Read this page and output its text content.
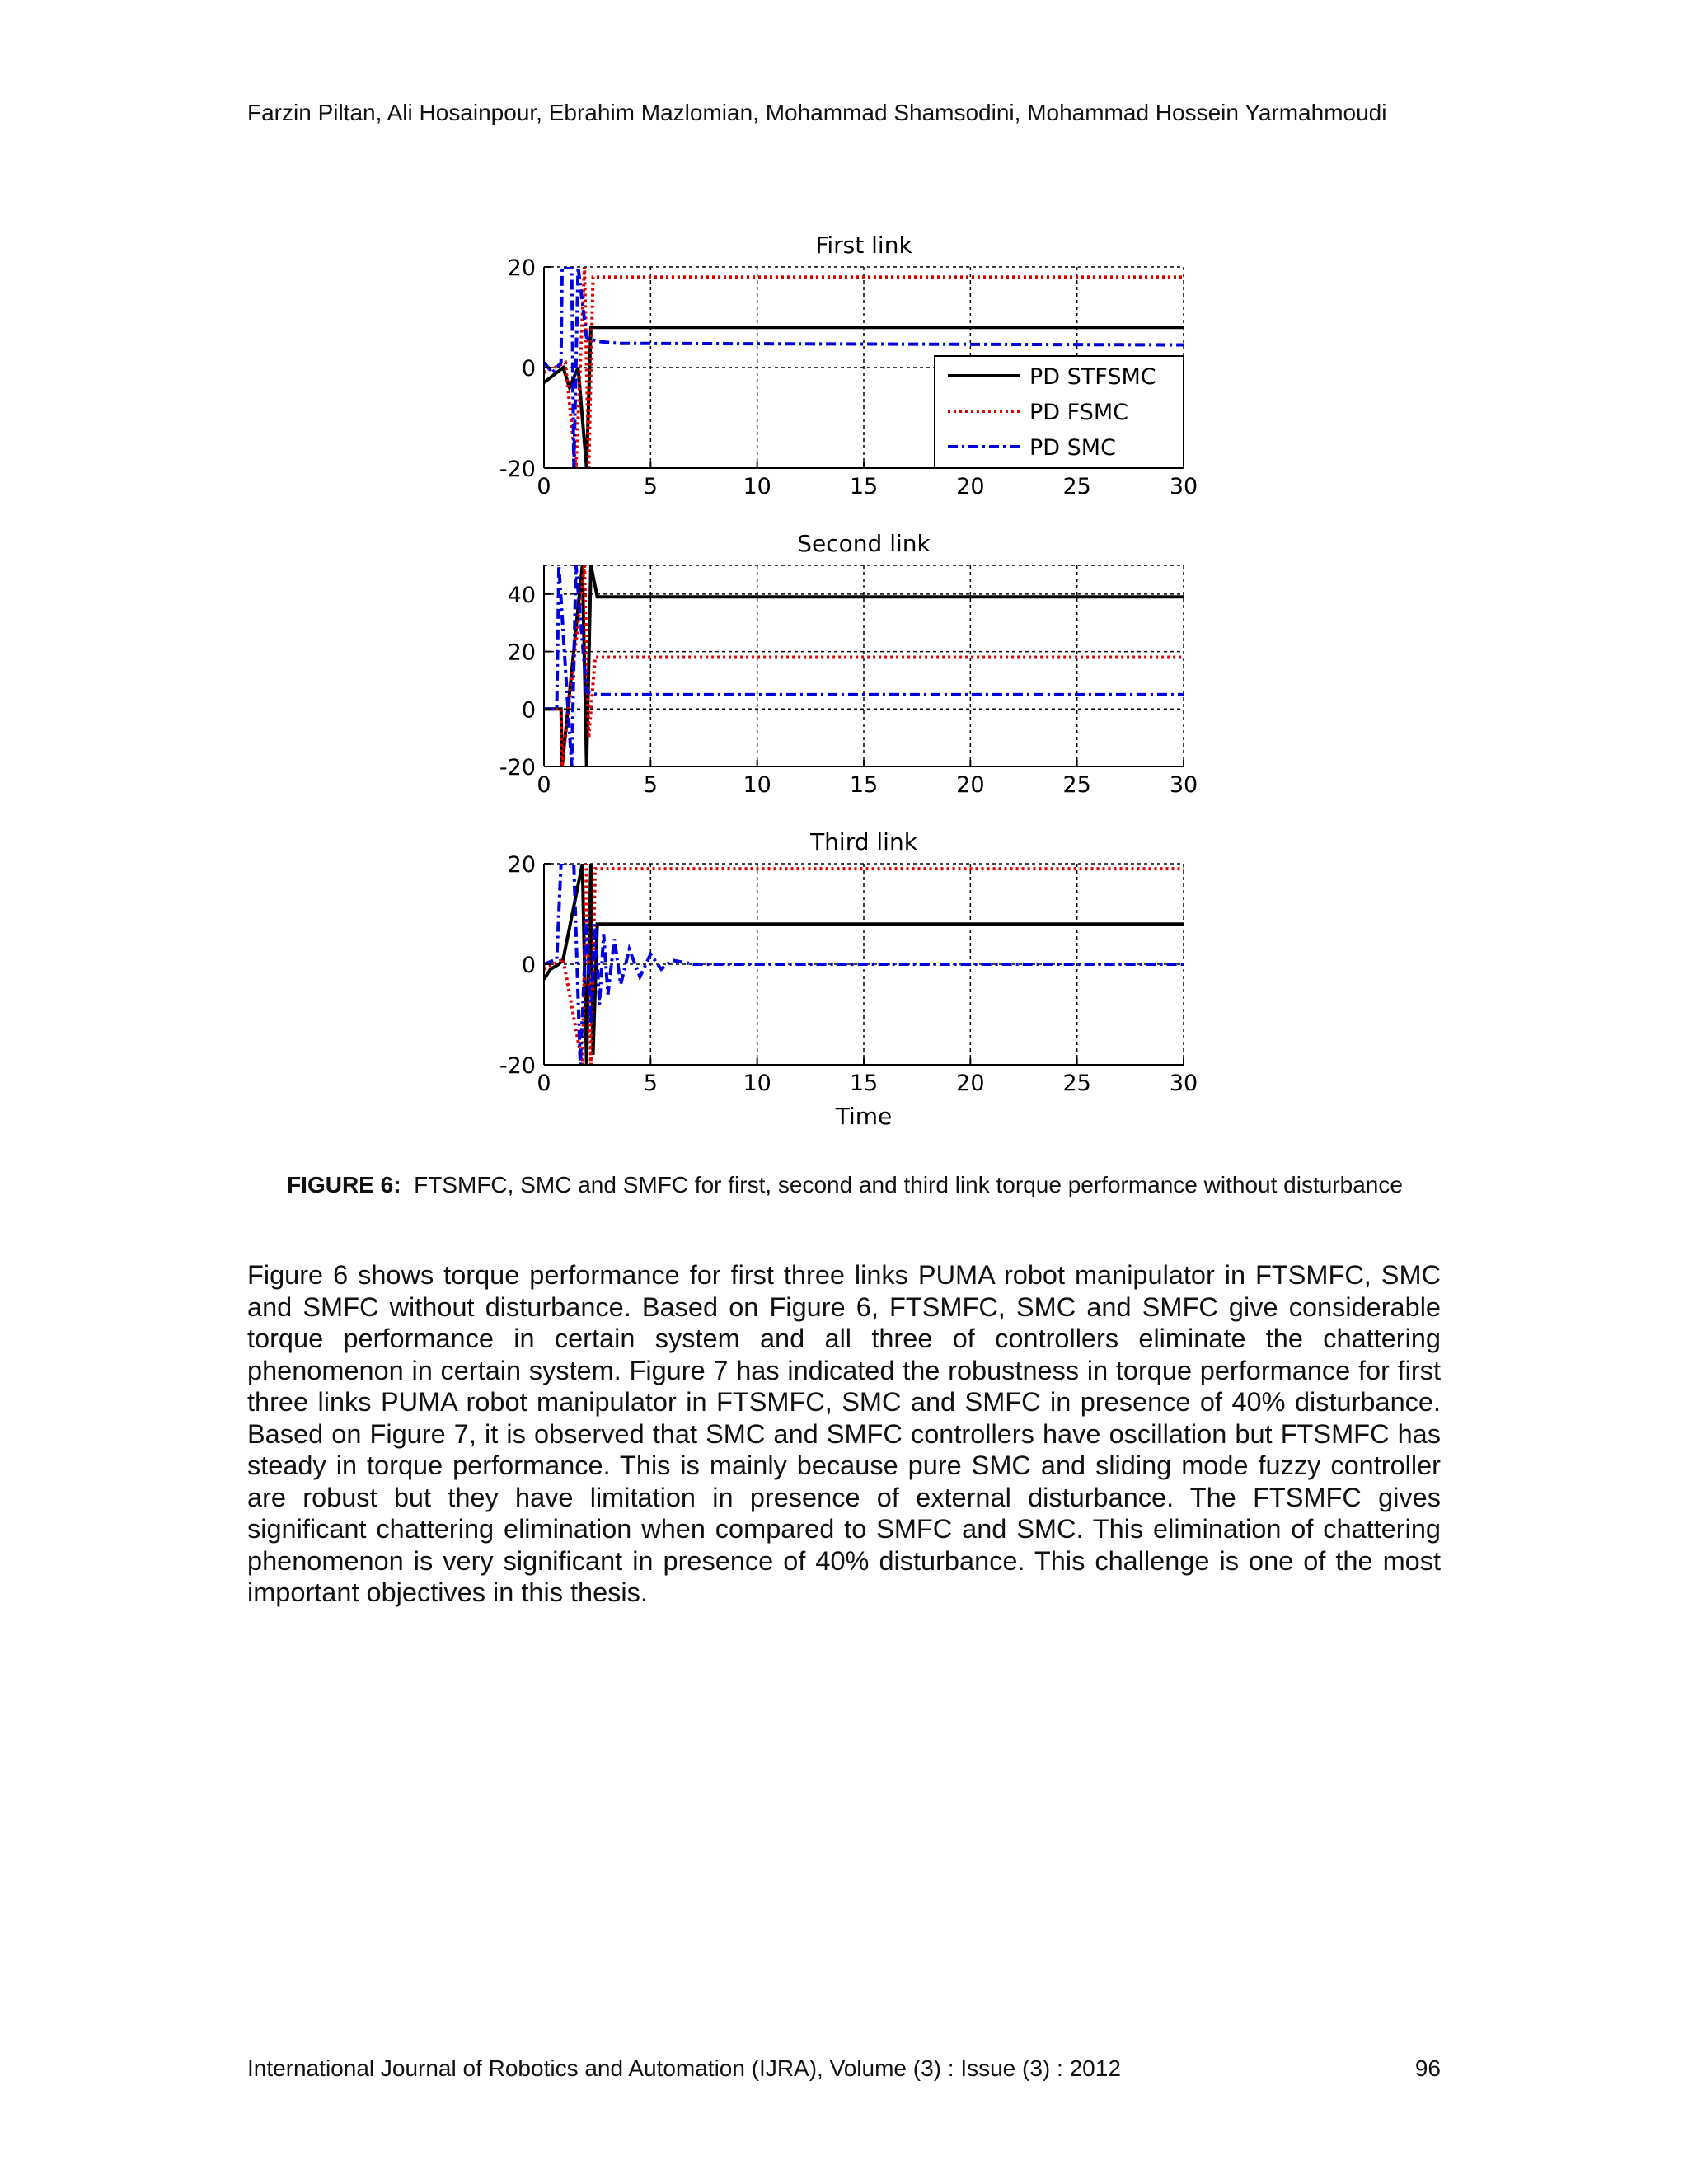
Farzin Piltan, Ali Hosainpour, Ebrahim Mazlomian, Mohammad Shamsodini, Mohammad Hossein Yarmahmoudi
0	5	10	15	20	25	30
-20
0
20
First link
PD STFSMC
PD FSMC
PD SMC
0	5	10	15	20	25	30
-20
0
20
40
Second link
0	5	10	15	20	25	30
-20
0
20
Third link
Time
FIGURE 6: FTSMFC, SMC and SMFC for first, second and third link torque performance without disturbance
Figure 6 shows torque performance for first three links PUMA robot manipulator in FTSMFC, SMC and SMFC without disturbance. Based on Figure 6, FTSMFC, SMC and SMFC give considerable torque performance in certain system and all three of controllers eliminate the chattering phenomenon in certain system. Figure 7 has indicated the robustness in torque performance for first three links PUMA robot manipulator in FTSMFC, SMC and SMFC in presence of 40% disturbance. Based on Figure 7, it is observed that SMC and SMFC controllers have oscillation but FTSMFC has steady in torque performance. This is mainly because pure SMC and sliding mode fuzzy controller are robust but they have limitation in presence of external disturbance. The FTSMFC gives significant chattering elimination when compared to SMFC and SMC. This elimination of chattering phenomenon is very significant in presence of 40% disturbance. This challenge is one of the most important objectives in this thesis.
International Journal of Robotics and Automation (IJRA), Volume (3) : Issue (3) : 2012	96
